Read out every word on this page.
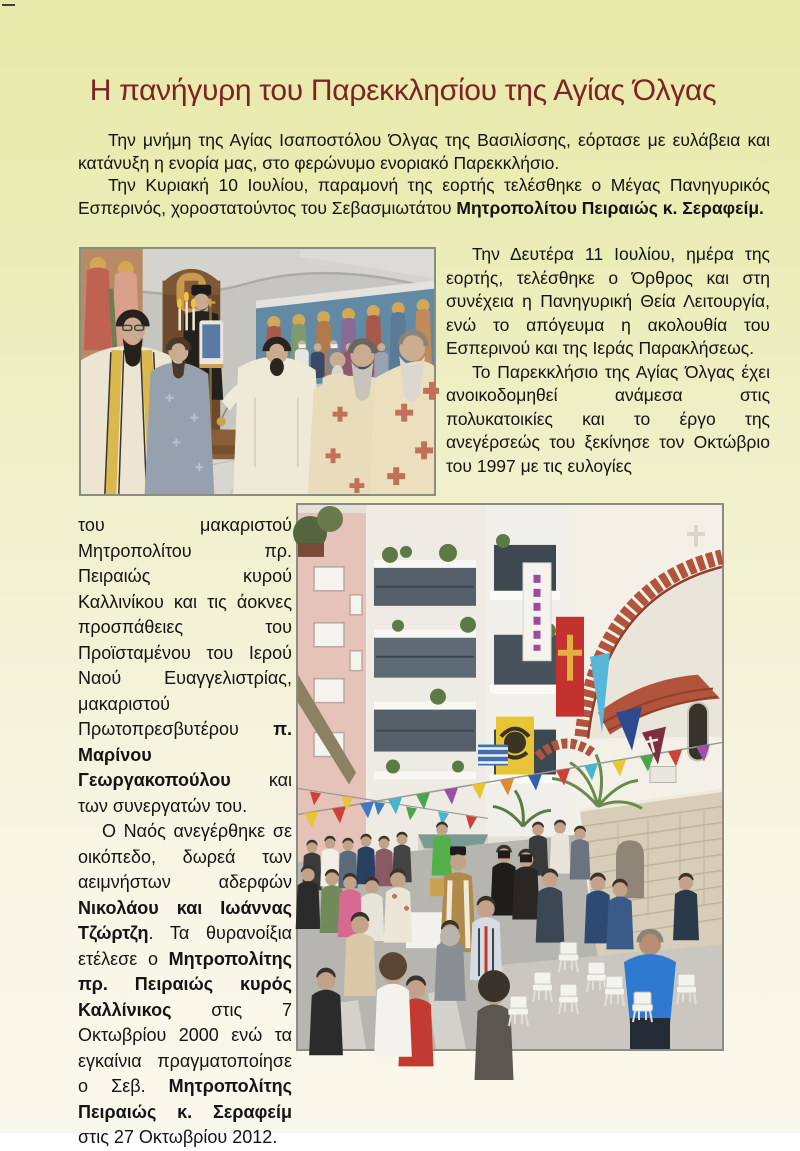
Η πανήγυρη του Παρεκκλησίου της Αγίας Όλγας

Την μνήμη της Αγίας Ισαποστόλου Όλγας της Βασιλίσσης, εόρτασε με ευλάβεια και κατάνυξη η ενορία μας, στο φερώνυμο ενοριακό Παρεκκλήσιο.

Την Κυριακή 10 Ιουλίου, παραμονή της εορτής τελέσθηκε ο Μέγας Πανηγυρικός Εσπερινός, χοροστατούντος του Σεβασμιωτάτου Μητροπολίτου Πειραιώς κ. Σεραφείμ.

Την Δευτέρα 11 Ιουλίου, ημέρα της εορτής, τελέσθηκε ο Όρθρος και στη συνέχεια η Πανηγυρική Θεία Λειτουργία, ενώ το απόγευμα η ακολουθία του Εσπερινού και της Ιεράς Παρακλήσεως.

Το Παρεκκλήσιο της Αγίας Όλγας έχει ανοικοδομηθεί ανάμεσα στις πολυκατοικίες και το έργο της ανεγέρσεώς του ξεκίνησε τον Οκτώβριο του 1997 με τις ευλογίες

του μακαριστού Μητροπολίτου πρ. Πειραιώς κυρού Καλλινίκου και τις άοκνες προσπάθειες του Προϊσταμένου του Ιερού Ναού Ευαγγελιστρίας, μακαριστού Πρωτοπρεσβυτέρου π. Μαρίνου Γεωργακοπούλου και των συνεργατών του.

Ο Ναός ανεγέρθηκε σε οικόπεδο, δωρεά των αειμνήστων αδερφών Νικολάου και Ιωάννας Τζώρτζη. Τα θυρανοίξια ετέλεσε ο Μητροπολίτης πρ. Πειραιώς κυρός Καλλίνικος στις 7 Οκτωβρίου 2000 ενώ τα εγκαίνια πραγματοποίησε ο Σεβ. Μητροπολίτης Πειραιώς κ. Σεραφείμ στις 27 Οκτωβρίου 2012.
